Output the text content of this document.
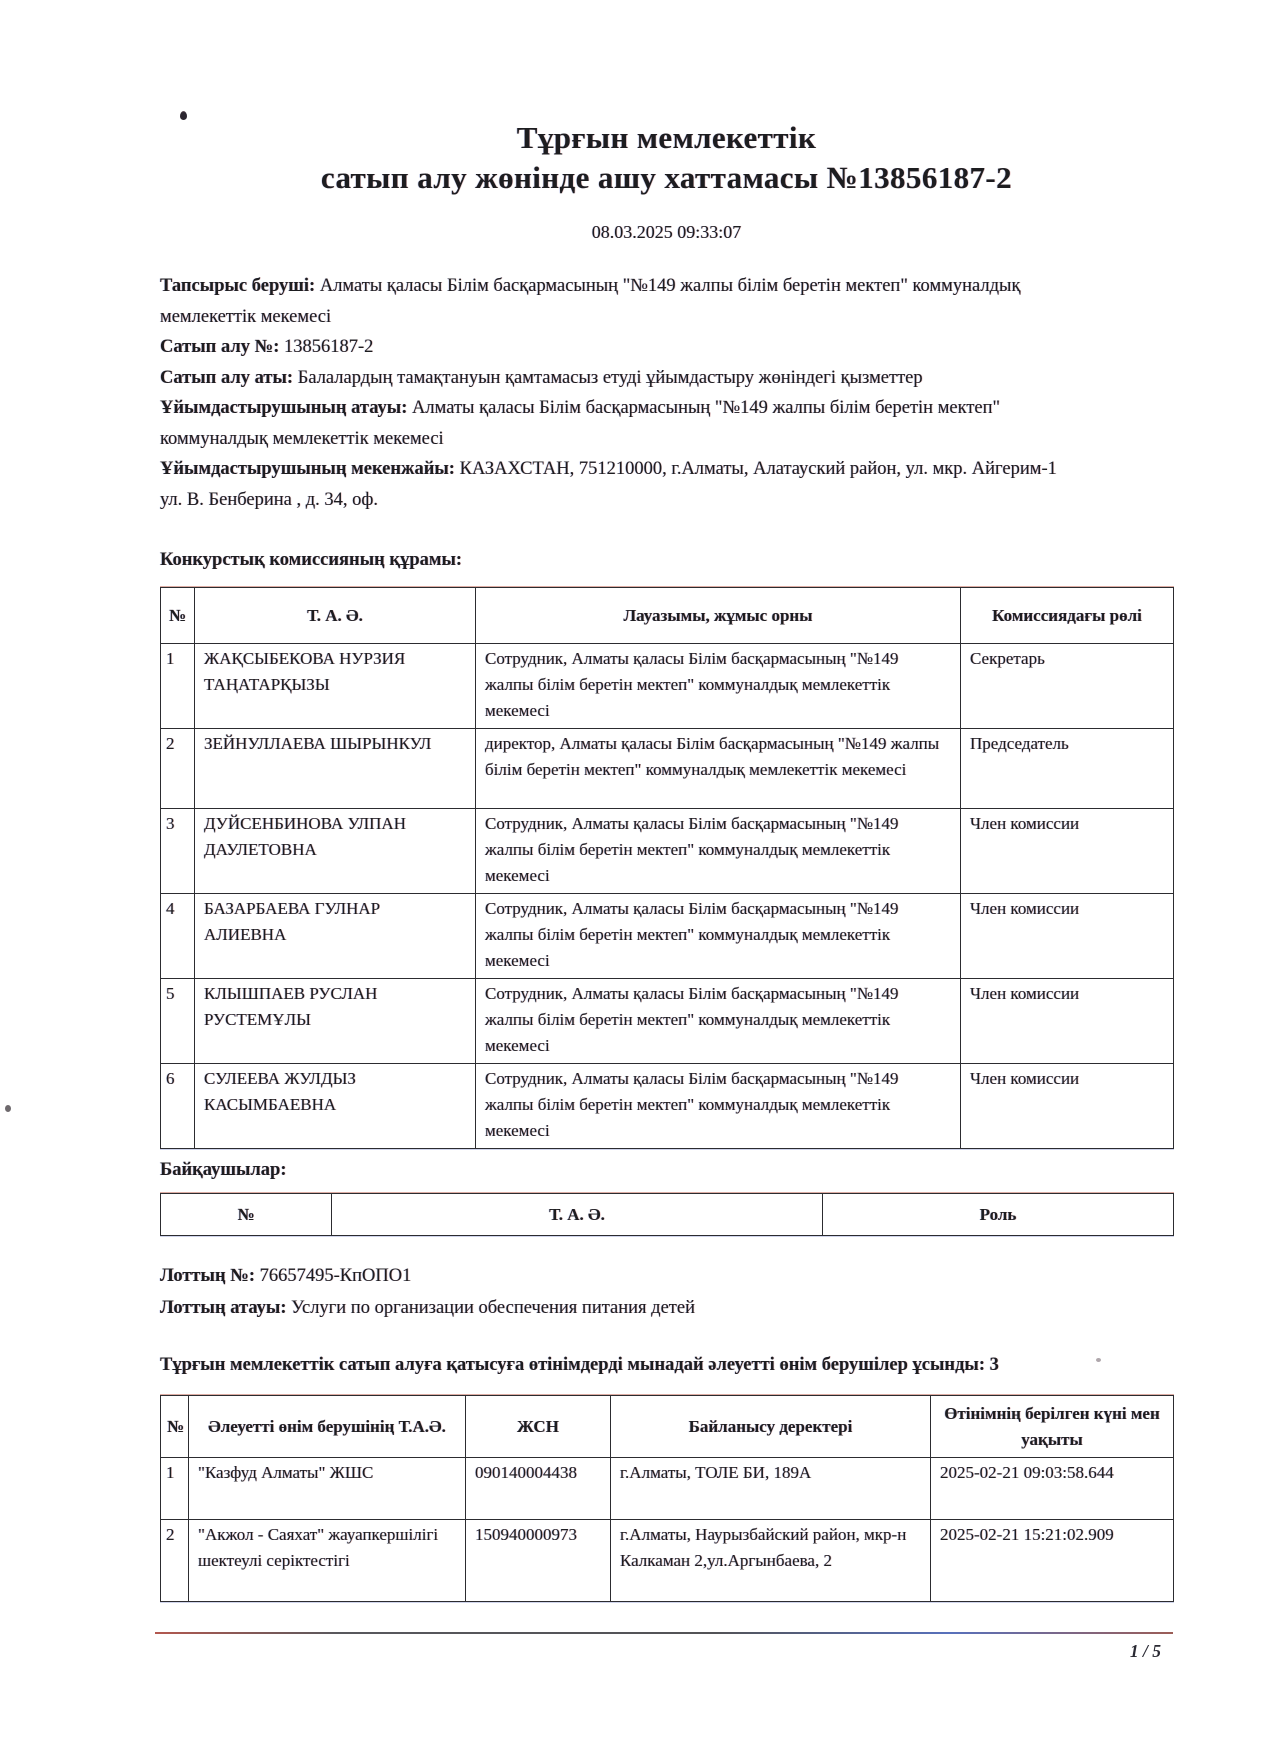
Тұрғын мемлекеттік
сатып алу жөнінде ашу хаттамасы №13856187-2
08.03.2025 09:33:07

Тапсырыс беруші: Алматы қаласы Білім басқармасының "№149 жалпы білім беретін мектеп" коммуналдық мемлекеттік мекемесі

Сатып алу №: 13856187-2

Сатып алу аты: Балалардың тамақтануын қамтамасыз етуді ұйымдастыру жөніндегі қызметтер

Ұйымдастырушының атауы: Алматы қаласы Білім басқармасының "№149 жалпы білім беретін мектеп" коммуналдық мемлекеттік мекемесі

Ұйымдастырушының мекенжайы: КАЗАХСТАН, 751210000, г.Алматы, Алатауский район, ул. мкр. Айгерим-1 ул. В. Бенберина , д. 34, оф.

Конкурстық комиссияның құрамы:

№	Т. А. Ә.	Лауазымы, жұмыс орны	Комиссиядағы рөлі
1	ЖАҚСЫБЕКОВА НУРЗИЯ ТАҢАТАРҚЫЗЫ	Сотрудник, Алматы қаласы Білім басқармасының "№149 жалпы білім беретін мектеп" коммуналдық мемлекеттік мекемесі	Секретарь
2	ЗЕЙНУЛЛАЕВА ШЫРЫНКУЛ	директор, Алматы қаласы Білім басқармасының "№149 жалпы білім беретін мектеп" коммуналдық мемлекеттік мекемесі	Председатель
3	ДУЙСЕНБИНОВА УЛПАН ДАУЛЕТОВНА	Сотрудник, Алматы қаласы Білім басқармасының "№149 жалпы білім беретін мектеп" коммуналдық мемлекеттік мекемесі	Член комиссии
4	БАЗАРБАЕВА ГУЛНАР АЛИЕВНА	Сотрудник, Алматы қаласы Білім басқармасының "№149 жалпы білім беретін мектеп" коммуналдық мемлекеттік мекемесі	Член комиссии
5	КЛЫШПАЕВ РУСЛАН РУСТЕМҰЛЫ	Сотрудник, Алматы қаласы Білім басқармасының "№149 жалпы білім беретін мектеп" коммуналдық мемлекеттік мекемесі	Член комиссии
6	СУЛЕЕВА ЖУЛДЫЗ КАСЫМБАЕВНА	Сотрудник, Алматы қаласы Білім басқармасының "№149 жалпы білім беретін мектеп" коммуналдық мемлекеттік мекемесі	Член комиссии

Байқаушылар:

№	Т. А. Ә.	Роль

Лоттың №: 76657495-КпОПО1

Лоттың атауы: Услуги по организации обеспечения питания детей

Тұрғын мемлекеттік сатып алуға қатысуға өтінімдерді мынадай әлеуетті өнім берушілер ұсынды: 3

№	Әлеуетті өнім берушінің Т.А.Ә.	ЖСН	Байланысу деректері	Өтінімнің берілген күні мен уақыты
1	"Казфуд Алматы" ЖШС	090140004438	г.Алматы, ТОЛЕ БИ, 189А	2025-02-21 09:03:58.644
2	"Акжол - Саяхат" жауапкершілігі шектеулі серіктестігі	150940000973	г.Алматы, Наурызбайский район, мкр-н Калкаман 2,ул.Аргынбаева, 2	2025-02-21 15:21:02.909
1 / 5
